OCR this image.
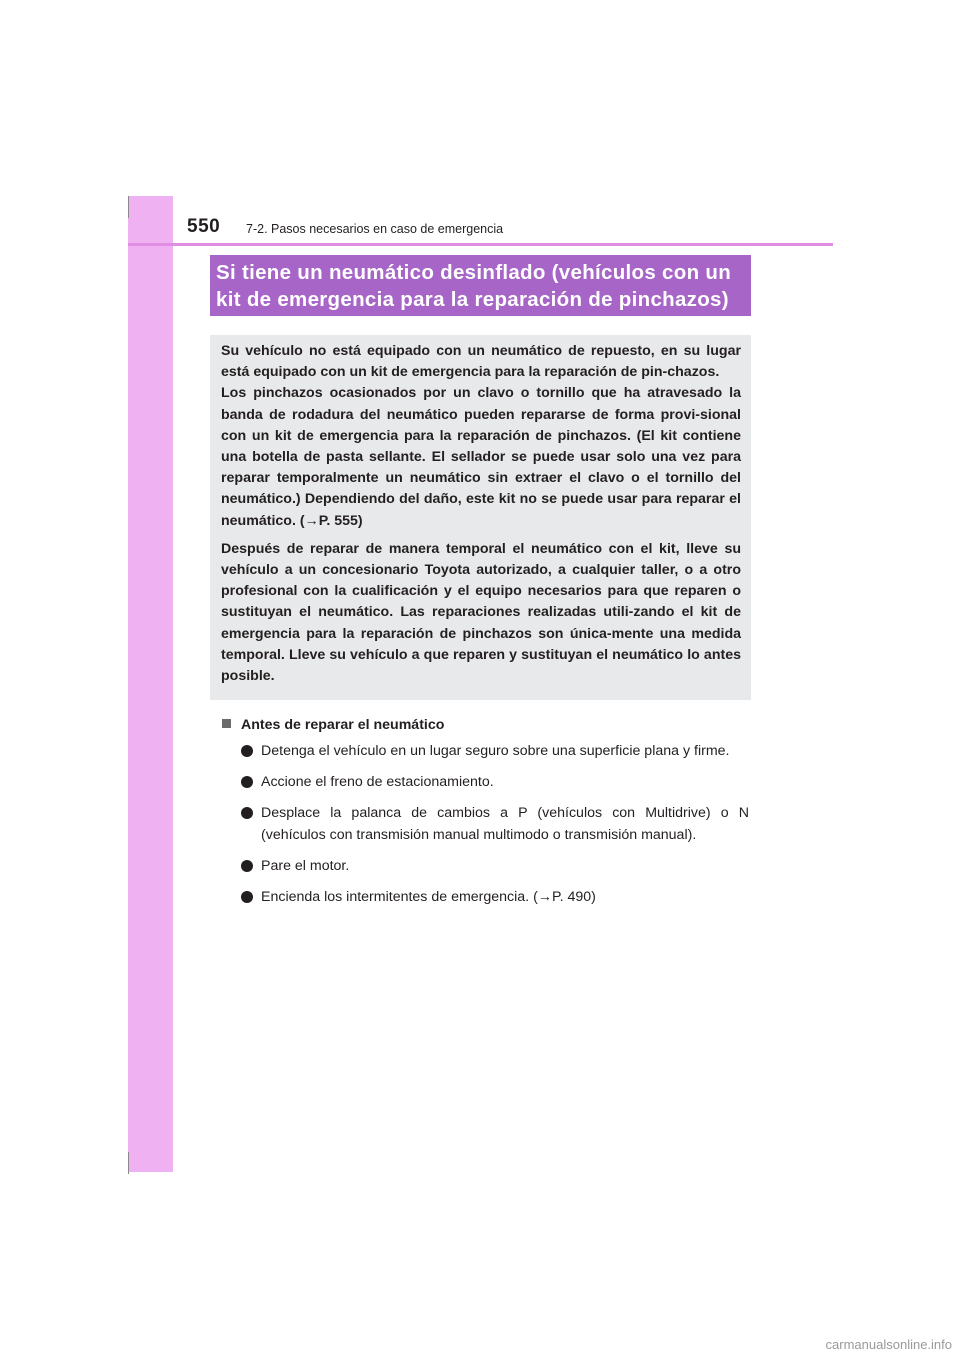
550 7-2. Pasos necesarios en caso de emergencia
Si tiene un neumático desinflado (vehículos con un
kit de emergencia para la reparación de pinchazos)

Su vehículo no está equipado con un neumático de repuesto, en su lugar está equipado con un kit de emergencia para la reparación de pin-chazos.
Los pinchazos ocasionados por un clavo o tornillo que ha atravesado la banda de rodadura del neumático pueden repararse de forma provi-sional con un kit de emergencia para la reparación de pinchazos. (El kit contiene una botella de pasta sellante. El sellador se puede usar solo una vez para reparar temporalmente un neumático sin extraer el clavo o el tornillo del neumático.) Dependiendo del daño, este kit no se puede usar para reparar el neumático. (→P. 555)

Después de reparar de manera temporal el neumático con el kit, lleve su vehículo a un concesionario Toyota autorizado, a cualquier taller, o a otro profesional con la cualificación y el equipo necesarios para que reparen o sustituyan el neumático. Las reparaciones realizadas utili-zando el kit de emergencia para la reparación de pinchazos son única-mente una medida temporal. Lleve su vehículo a que reparen y sustituyan el neumático lo antes posible.

Antes de reparar el neumático
Detenga el vehículo en un lugar seguro sobre una superficie plana y firme.
Accione el freno de estacionamiento.
Desplace la palanca de cambios a P (vehículos con Multidrive) o N (vehículos con transmisión manual multimodo o transmisión manual).
Pare el motor.
Encienda los intermitentes de emergencia. (→P. 490)
carmanualsonline.info
